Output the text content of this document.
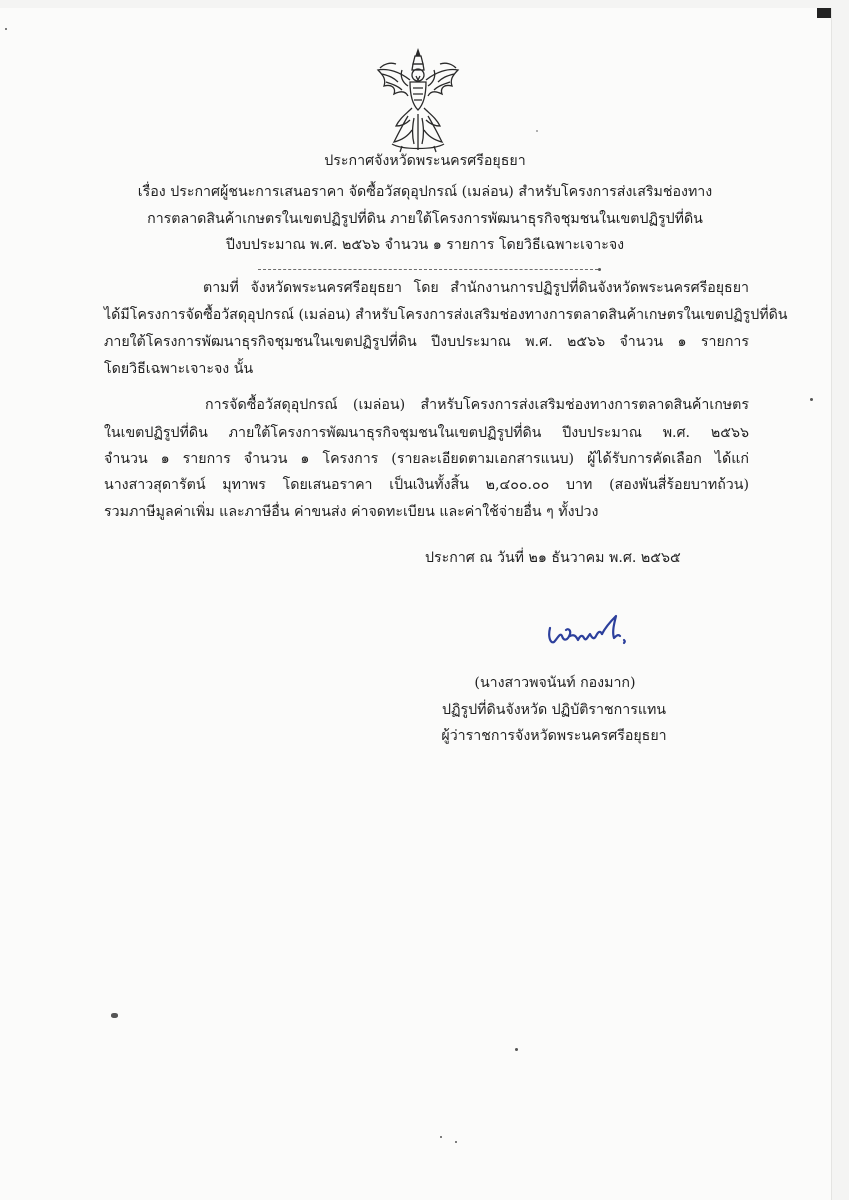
ประกาศจังหวัดพระนครศรีอยุธยา
เรื่อง ประกาศผู้ชนะการเสนอราคา จัดซื้อวัสดุอุปกรณ์ (เมล่อน) สำหรับโครงการส่งเสริมช่องทาง
การตลาดสินค้าเกษตรในเขตปฏิรูปที่ดิน ภายใต้โครงการพัฒนาธุรกิจชุมชนในเขตปฏิรูปที่ดิน
ปีงบประมาณ พ.ศ. ๒๕๖๖ จำนวน ๑ รายการ โดยวิธีเฉพาะเจาะจง
ตามที่ จังหวัดพระนครศรีอยุธยา โดย สำนักงานการปฏิรูปที่ดินจังหวัดพระนครศรีอยุธยา
ได้มีโครงการจัดซื้อวัสดุอุปกรณ์ (เมล่อน) สำหรับโครงการส่งเสริมช่องทางการตลาดสินค้าเกษตรในเขตปฏิรูปที่ดิน
ภายใต้โครงการพัฒนาธุรกิจชุมชนในเขตปฏิรูปที่ดิน ปีงบประมาณ พ.ศ. ๒๕๖๖ จำนวน ๑ รายการ
โดยวิธีเฉพาะเจาะจง นั้น
การจัดซื้อวัสดุอุปกรณ์ (เมล่อน) สำหรับโครงการส่งเสริมช่องทางการตลาดสินค้าเกษตร
ในเขตปฏิรูปที่ดิน ภายใต้โครงการพัฒนาธุรกิจชุมชนในเขตปฏิรูปที่ดิน ปีงบประมาณ พ.ศ. ๒๕๖๖
จำนวน ๑ รายการ จำนวน ๑ โครงการ (รายละเอียดตามเอกสารแนบ) ผู้ได้รับการคัดเลือก ได้แก่
นางสาวสุดารัตน์ มุทาพร โดยเสนอราคา เป็นเงินทั้งสิ้น ๒,๔๐๐.๐๐ บาท (สองพันสี่ร้อยบาทถ้วน)
รวมภาษีมูลค่าเพิ่ม และภาษีอื่น ค่าขนส่ง ค่าจดทะเบียน และค่าใช้จ่ายอื่น ๆ ทั้งปวง
ประกาศ ณ วันที่ ๒๑ ธันวาคม พ.ศ. ๒๕๖๕
(นางสาวพจนันท์ กองมาก)
ปฏิรูปที่ดินจังหวัด ปฏิบัติราชการแทน
ผู้ว่าราชการจังหวัดพระนครศรีอยุธยา
